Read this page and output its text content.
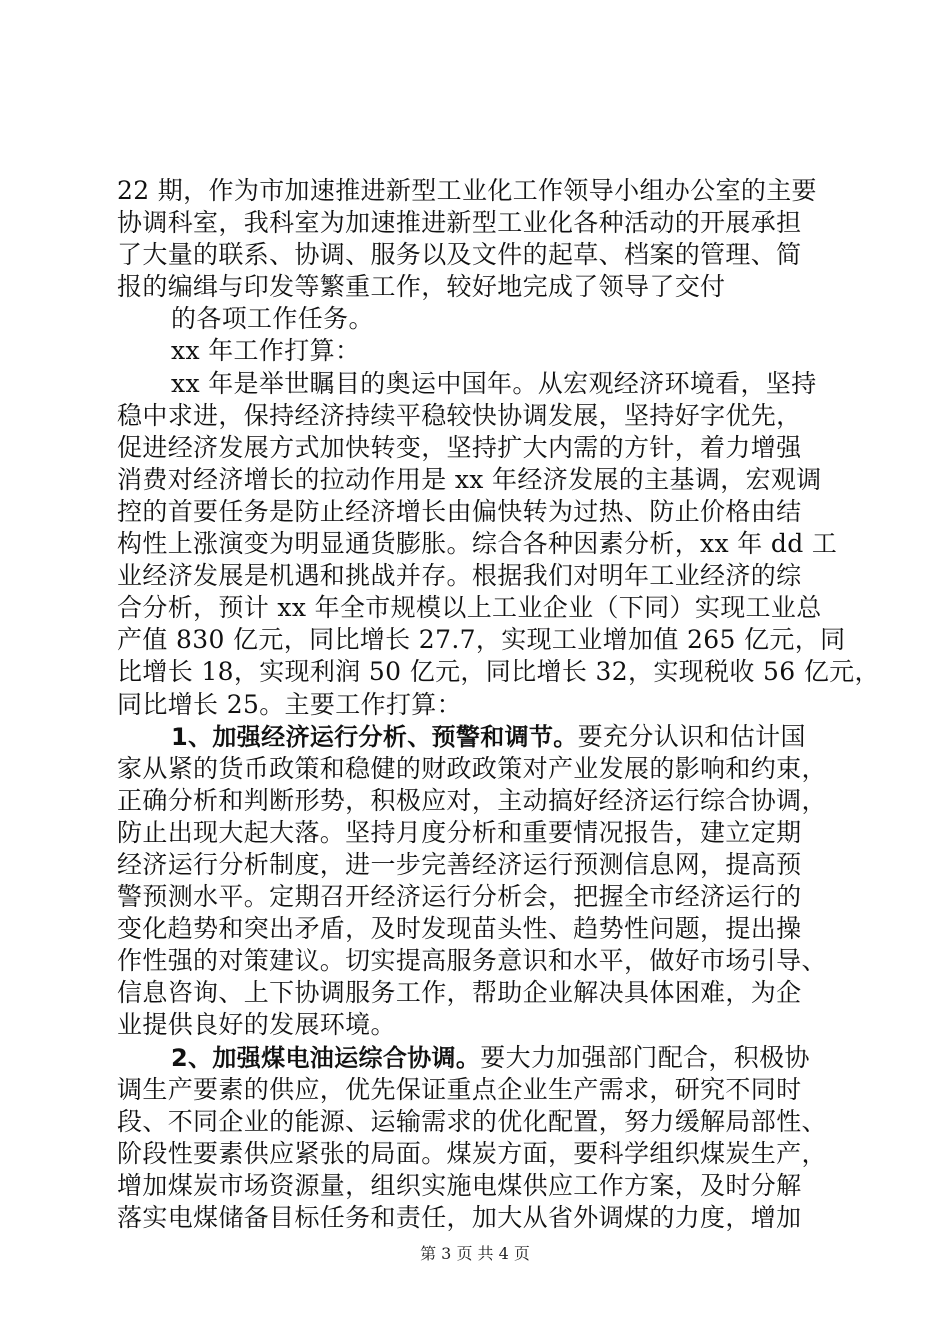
22 期，作为市加速推进新型工业化工作领导小组办公室的主要
协调科室，我科室为加速推进新型工业化各种活动的开展承担
了大量的联系、协调、服务以及文件的起草、档案的管理、简
报的编缉与印发等繁重工作，较好地完成了领导了交付
的各项工作任务。
xx 年工作打算：
xx 年是举世瞩目的奥运中国年。从宏观经济环境看，坚持
稳中求进，保持经济持续平稳较快协调发展，坚持好字优先，
促进经济发展方式加快转变，坚持扩大内需的方针，着力增强
消费对经济增长的拉动作用是 xx 年经济发展的主基调，宏观调
控的首要任务是防止经济增长由偏快转为过热、防止价格由结
构性上涨演变为明显通货膨胀。综合各种因素分析，xx 年 dd 工
业经济发展是机遇和挑战并存。根据我们对明年工业经济的综
合分析，预计 xx 年全市规模以上工业企业（下同）实现工业总
产值 830 亿元，同比增长 27.7，实现工业增加值 265 亿元，同
比增长 18，实现利润 50 亿元，同比增长 32，实现税收 56 亿元，
同比增长 25。主要工作打算：
1、加强经济运行分析、预警和调节。要充分认识和估计国
家从紧的货币政策和稳健的财政政策对产业发展的影响和约束，
正确分析和判断形势，积极应对，主动搞好经济运行综合协调，
防止出现大起大落。坚持月度分析和重要情况报告，建立定期
经济运行分析制度，进一步完善经济运行预测信息网，提高预
警预测水平。定期召开经济运行分析会，把握全市经济运行的
变化趋势和突出矛盾，及时发现苗头性、趋势性问题，提出操
作性强的对策建议。切实提高服务意识和水平，做好市场引导、
信息咨询、上下协调服务工作，帮助企业解决具体困难，为企
业提供良好的发展环境。
2、加强煤电油运综合协调。要大力加强部门配合，积极协
调生产要素的供应，优先保证重点企业生产需求，研究不同时
段、不同企业的能源、运输需求的优化配置，努力缓解局部性、
阶段性要素供应紧张的局面。煤炭方面，要科学组织煤炭生产，
增加煤炭市场资源量，组织实施电煤供应工作方案，及时分解
落实电煤储备目标任务和责任，加大从省外调煤的力度，增加
第 3 页 共 4 页
